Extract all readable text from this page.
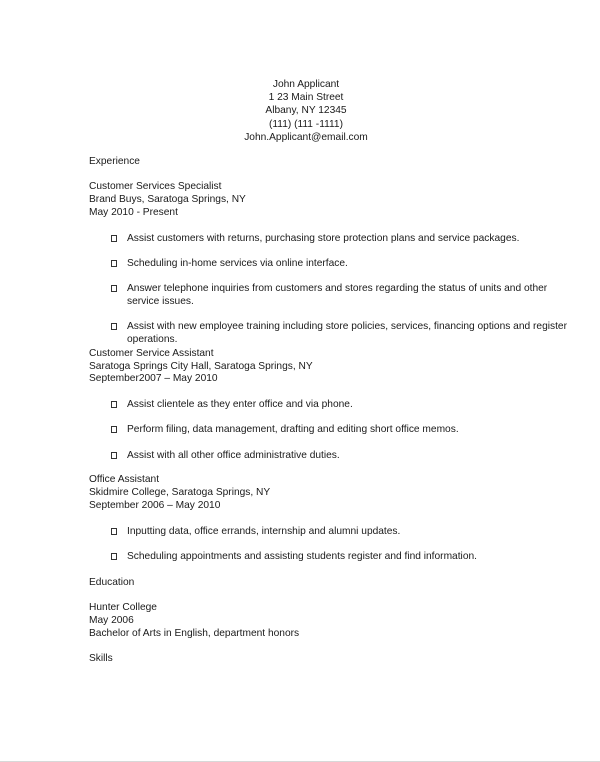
John Applicant
1 23 Main Street
Albany, NY 12345
(111) (111 -1111)
John.Applicant@email.com
Experience
Customer Services Specialist
Brand Buys, Saratoga Springs, NY
May 2010 - Present
Assist customers with returns, purchasing store protection plans and service packages.
Scheduling in-home services via online interface.
Answer telephone inquiries from customers and stores regarding the status of units and other service issues.
Assist with new employee training including store policies, services, financing options and register operations.
Customer Service Assistant
Saratoga Springs City Hall, Saratoga Springs, NY
September2007 – May 2010
Assist clientele as they enter office and via phone.
Perform filing, data management, drafting and editing short office memos.
Assist with all other office administrative duties.
Office Assistant
Skidmire College, Saratoga Springs, NY
September 2006 – May 2010
Inputting data, office errands, internship and alumni updates.
Scheduling appointments and assisting students register and find information.
Education
Hunter College
May 2006
Bachelor of Arts in English, department honors
Skills
